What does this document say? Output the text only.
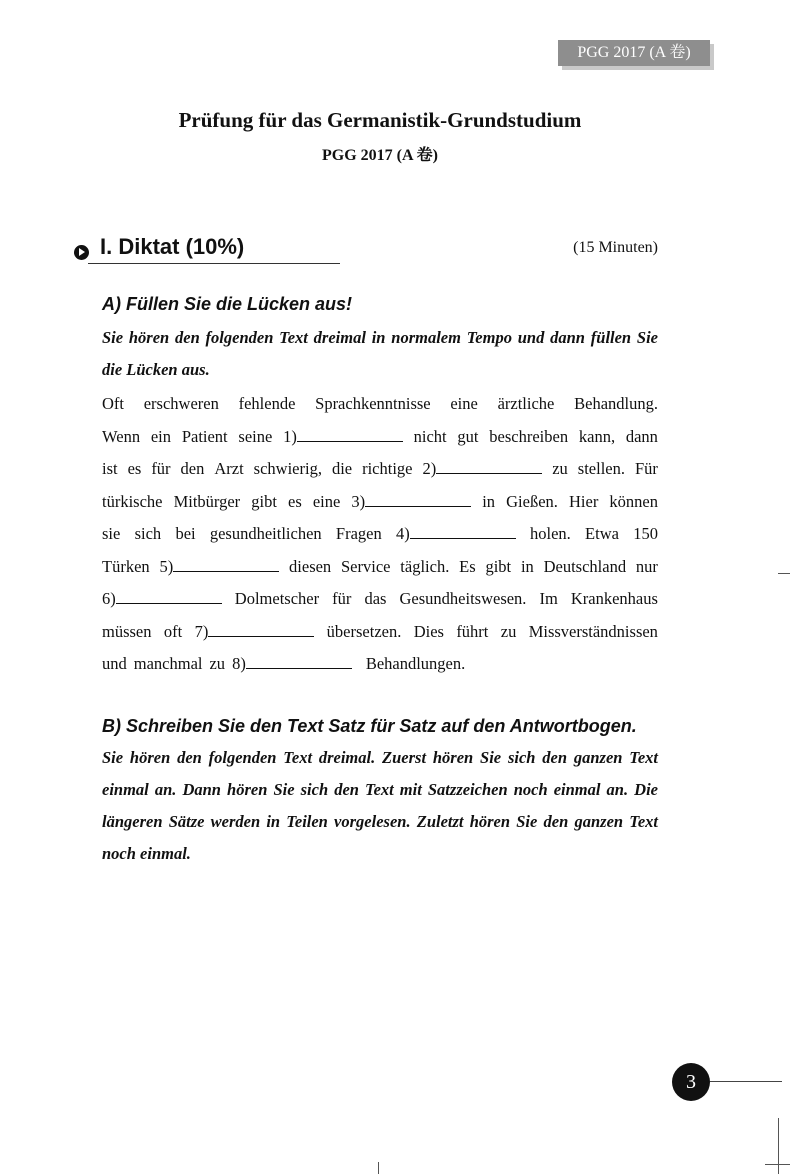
PGG 2017 (A 卷)
Prüfung für das Germanistik-Grundstudium
PGG 2017 (A 卷)
I. Diktat (10%)	(15 Minuten)
A) Füllen Sie die Lücken aus!
Sie hören den folgenden Text dreimal in normalem Tempo und dann füllen Sie die Lücken aus.
Oft erschweren fehlende Sprachkenntnisse eine ärztliche Behandlung.
Wenn ein Patient seine 1)	nicht gut beschreiben kann, dann
ist es für den Arzt schwierig, die richtige 2)	zu stellen. Für
türkische Mitbürger gibt es eine 3)	in Gießen. Hier können
sie sich bei gesundheitlichen Fragen 4)	holen. Etwa 150
Türken 5)	diesen Service täglich. Es gibt in Deutschland nur
6)	Dolmetscher für das Gesundheitswesen. Im Krankenhaus
müssen oft 7)	übersetzen. Dies führt zu Missverständnissen
und manchmal zu 8)	Behandlungen.
B) Schreiben Sie den Text Satz für Satz auf den Antwortbogen.
Sie hören den folgenden Text dreimal. Zuerst hören Sie sich den ganzen Text einmal an. Dann hören Sie sich den Text mit Satzzeichen noch einmal an. Die längeren Sätze werden in Teilen vorgelesen. Zuletzt hören Sie den ganzen Text noch einmal.
3
